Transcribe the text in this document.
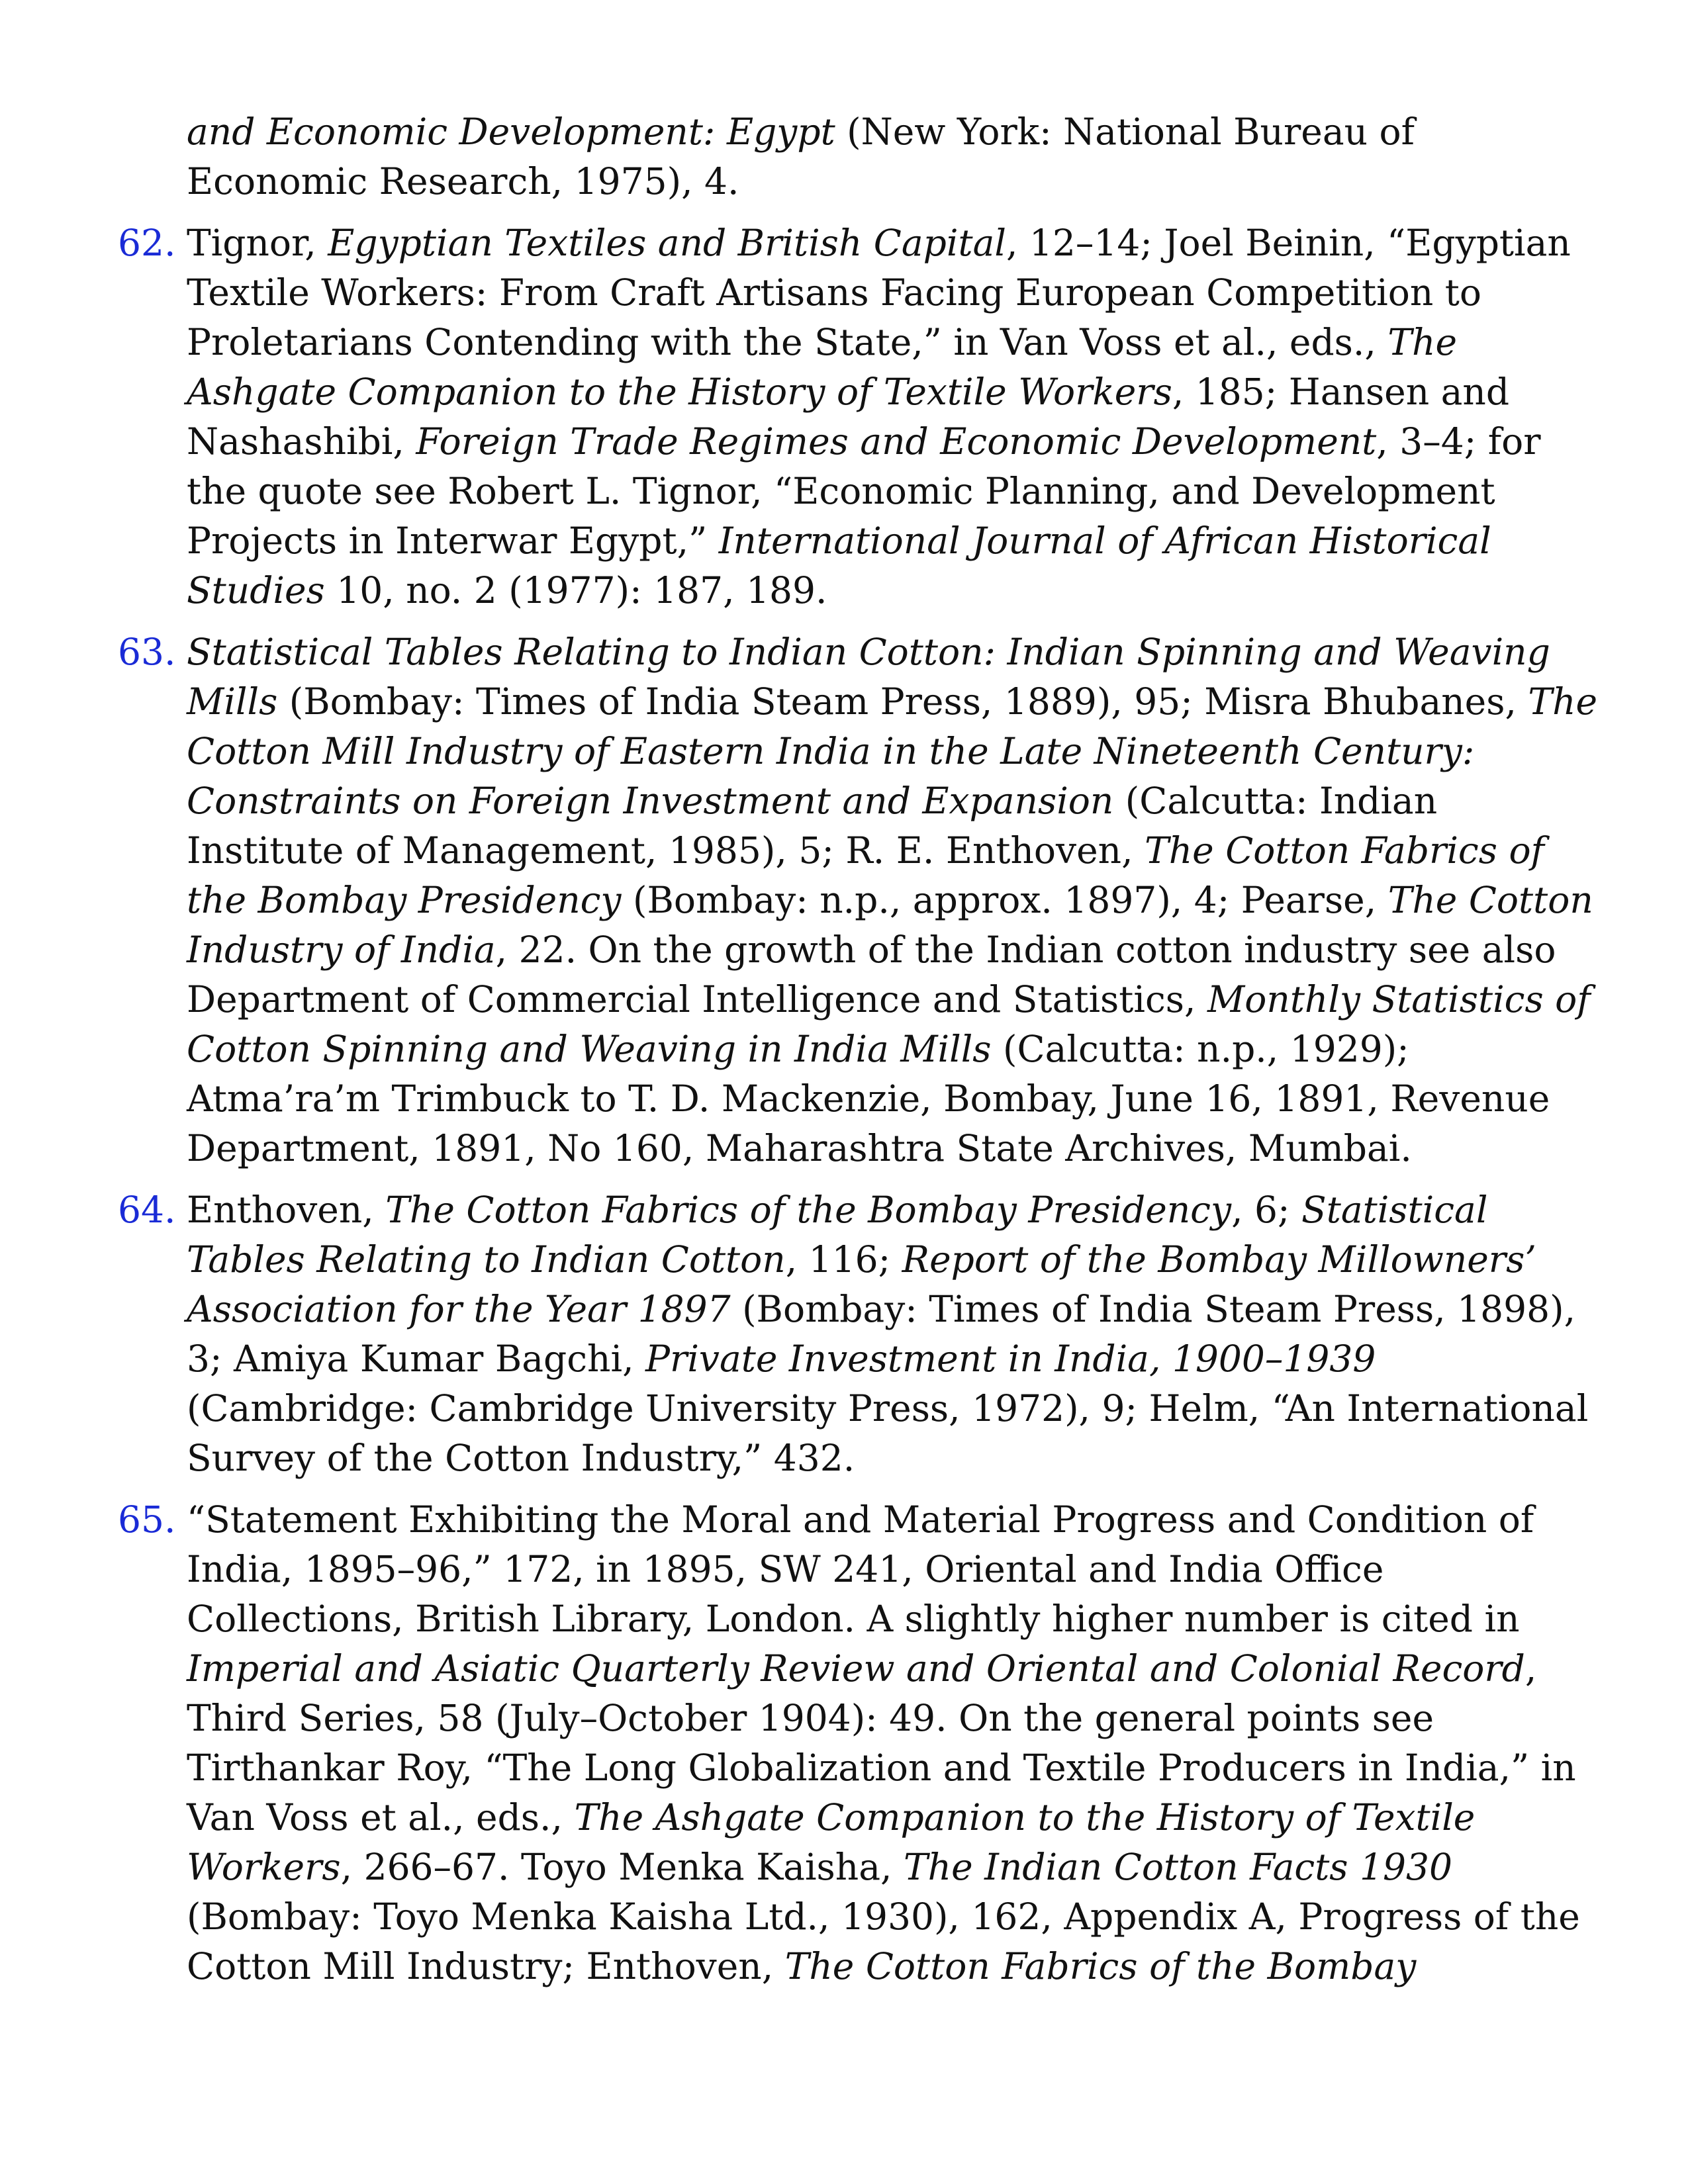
and Economic Development: Egypt (New York: National Bureau of Economic Research, 1975), 4.
62. Tignor, Egyptian Textiles and British Capital, 12–14; Joel Beinin, “Egyptian Textile Workers: From Craft Artisans Facing European Competition to Proletarians Contending with the State,” in Van Voss et al., eds., The Ashgate Companion to the History of Textile Workers, 185; Hansen and Nashashibi, Foreign Trade Regimes and Economic Development, 3–4; for the quote see Robert L. Tignor, “Economic Planning, and Development Projects in Interwar Egypt,” International Journal of African Historical Studies 10, no. 2 (1977): 187, 189.
63. Statistical Tables Relating to Indian Cotton: Indian Spinning and Weaving Mills (Bombay: Times of India Steam Press, 1889), 95; Misra Bhubanes, The Cotton Mill Industry of Eastern India in the Late Nineteenth Century: Constraints on Foreign Investment and Expansion (Calcutta: Indian Institute of Management, 1985), 5; R. E. Enthoven, The Cotton Fabrics of the Bombay Presidency (Bombay: n.p., approx. 1897), 4; Pearse, The Cotton Industry of India, 22. On the growth of the Indian cotton industry see also Department of Commercial Intelligence and Statistics, Monthly Statistics of Cotton Spinning and Weaving in India Mills (Calcutta: n.p., 1929); Atma’ra’m Trimbuck to T. D. Mackenzie, Bombay, June 16, 1891, Revenue Department, 1891, No 160, Maharashtra State Archives, Mumbai.
64. Enthoven, The Cotton Fabrics of the Bombay Presidency, 6; Statistical Tables Relating to Indian Cotton, 116; Report of the Bombay Millowners’ Association for the Year 1897 (Bombay: Times of India Steam Press, 1898), 3; Amiya Kumar Bagchi, Private Investment in India, 1900–1939 (Cambridge: Cambridge University Press, 1972), 9; Helm, “An International Survey of the Cotton Industry,” 432.
65. “Statement Exhibiting the Moral and Material Progress and Condition of India, 1895–96,” 172, in 1895, SW 241, Oriental and India Office Collections, British Library, London. A slightly higher number is cited in Imperial and Asiatic Quarterly Review and Oriental and Colonial Record, Third Series, 58 (July–October 1904): 49. On the general points see Tirthankar Roy, “The Long Globalization and Textile Producers in India,” in Van Voss et al., eds., The Ashgate Companion to the History of Textile Workers, 266–67. Toyo Menka Kaisha, The Indian Cotton Facts 1930 (Bombay: Toyo Menka Kaisha Ltd., 1930), 162, Appendix A, Progress of the Cotton Mill Industry; Enthoven, The Cotton Fabrics of the Bombay
